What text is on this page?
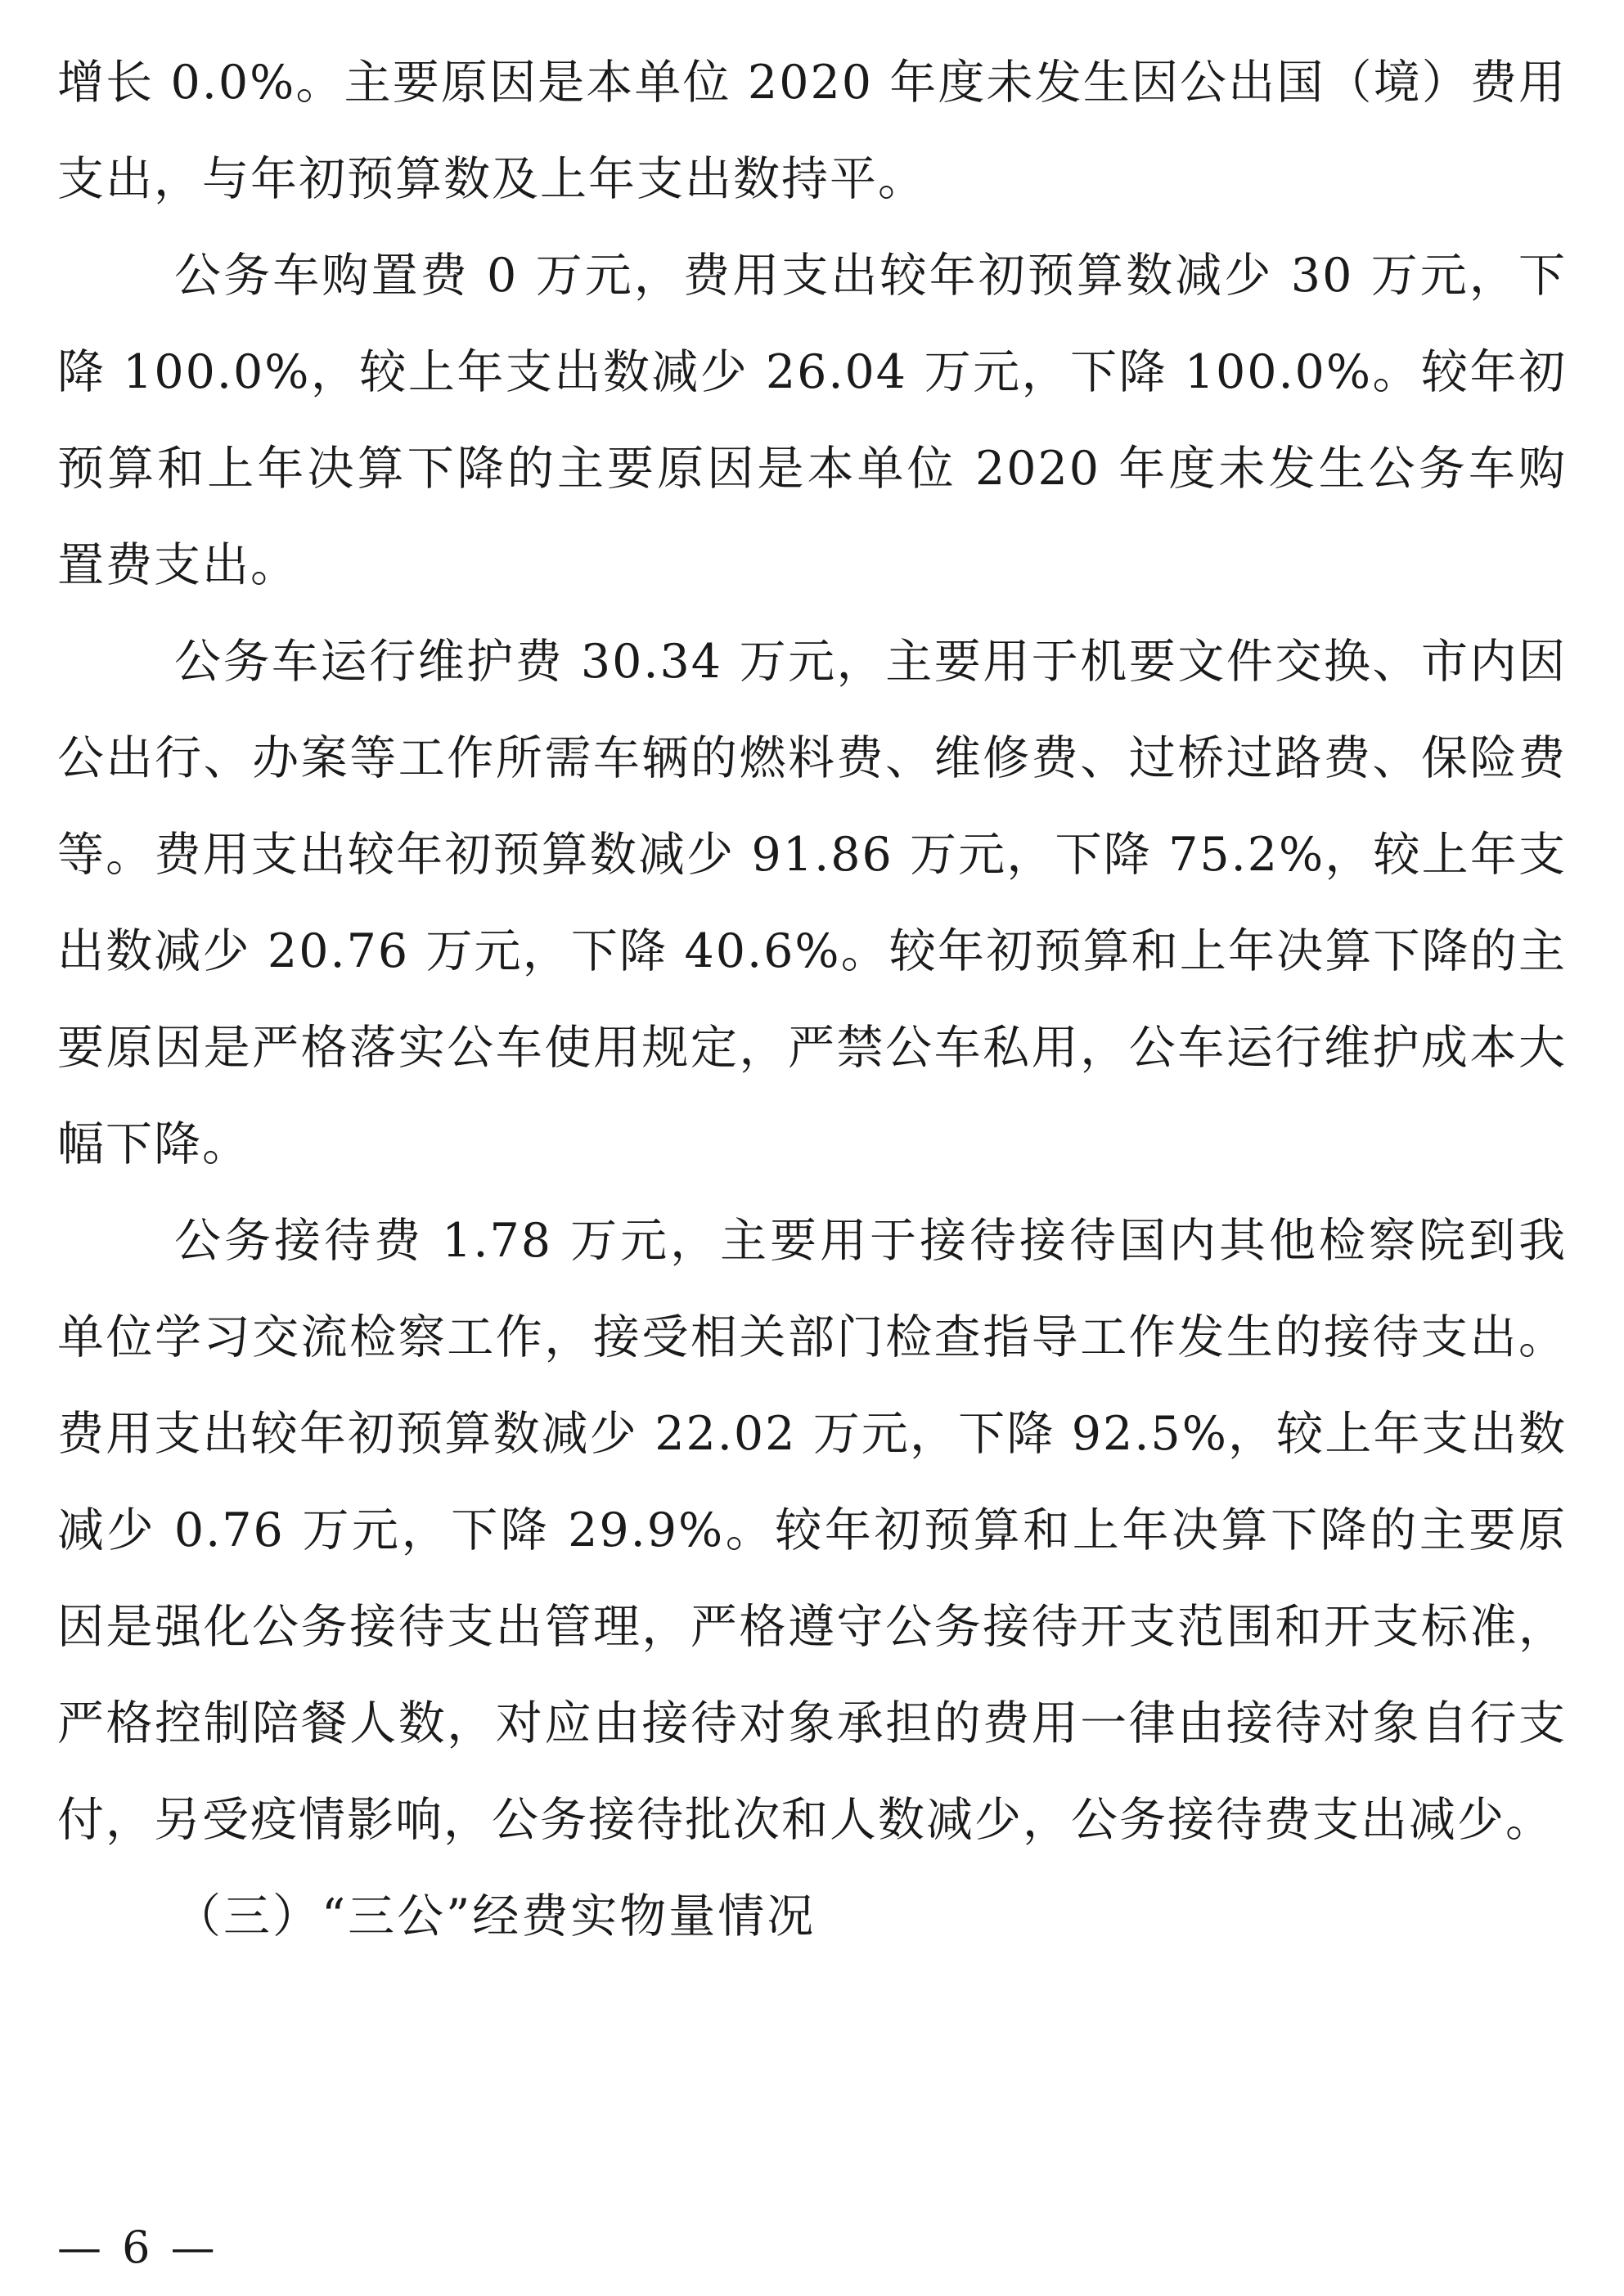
增长 0.0%。主要原因是本单位 2020 年度未发生因公出国（境）费用支出，与年初预算数及上年支出数持平。

公务车购置费 0 万元，费用支出较年初预算数减少 30 万元，下降 100.0%，较上年支出数减少 26.04 万元，下降 100.0%。较年初预算和上年决算下降的主要原因是本单位 2020 年度未发生公务车购置费支出。

公务车运行维护费 30.34 万元，主要用于机要文件交换、市内因公出行、办案等工作所需车辆的燃料费、维修费、过桥过路费、保险费等。费用支出较年初预算数减少 91.86 万元，下降 75.2%，较上年支出数减少 20.76 万元，下降 40.6%。较年初预算和上年决算下降的主要原因是严格落实公车使用规定，严禁公车私用，公车运行维护成本大幅下降。

公务接待费 1.78 万元，主要用于接待接待国内其他检察院到我单位学习交流检察工作，接受相关部门检查指导工作发生的接待支出。费用支出较年初预算数减少 22.02 万元，下降 92.5%，较上年支出数减少 0.76 万元，下降 29.9%。较年初预算和上年决算下降的主要原因是强化公务接待支出管理，严格遵守公务接待开支范围和开支标准，严格控制陪餐人数，对应由接待对象承担的费用一律由接待对象自行支付，另受疫情影响，公务接待批次和人数减少，公务接待费支出减少。

（三）“三公”经费实物量情况

— 6 —
